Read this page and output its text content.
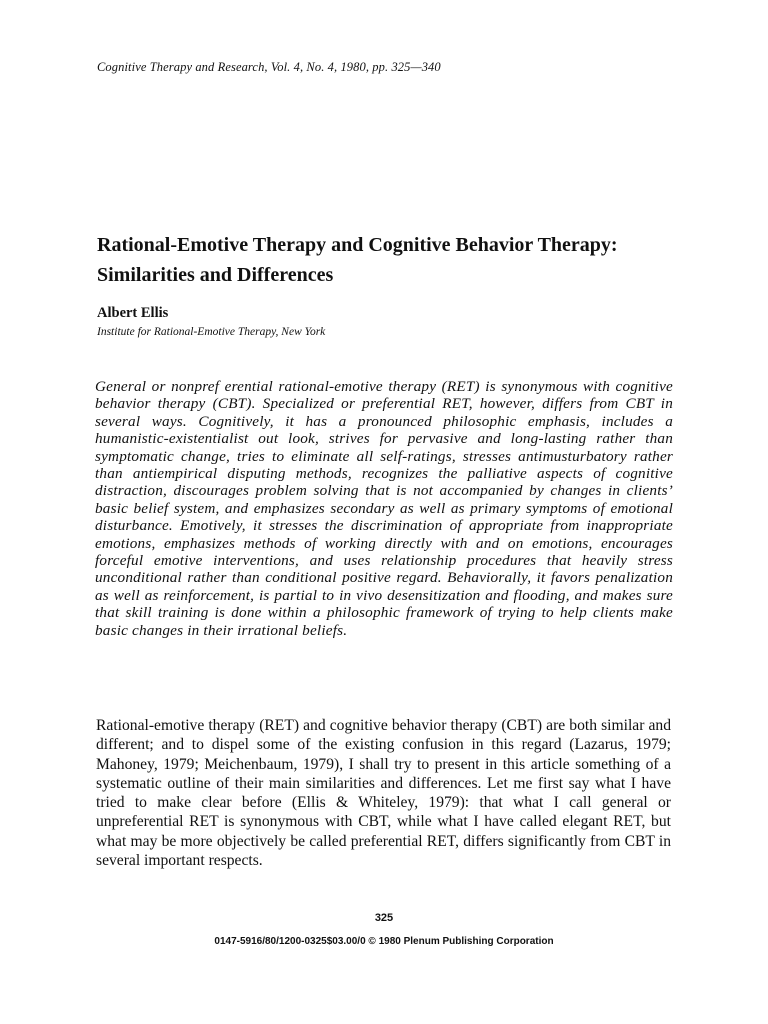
Cognitive Therapy and Research, Vol. 4, No. 4, 1980, pp. 325—340
Rational-Emotive Therapy and Cognitive Behavior Therapy: Similarities and Differences
Albert Ellis
Institute for Rational-Emotive Therapy, New York

General or nonpref erential rational-emotive therapy (RET) is synonymous with cognitive behavior therapy (CBT). Specialized or preferential RET, however, differs from CBT in several ways. Cognitively, it has a pronounced philosophic emphasis, includes a humanistic-existentialist out look, strives for pervasive and long-lasting rather than symptomatic change, tries to eliminate all self-ratings, stresses antimusturbatory rather than antiempirical disputing methods, recognizes the palliative aspects of cognitive distraction, discourages problem solving that is not accompanied by changes in clients’ basic belief system, and emphasizes secondary as well as primary symptoms of emotional disturbance. Emotively, it stresses the discrimination of appropriate from inappropriate emotions, emphasizes methods of working directly with and on emotions, encourages forceful emotive interventions, and uses relationship procedures that heavily stress unconditional rather than conditional positive regard. Behaviorally, it favors penalization as well as reinforcement, is partial to in vivo desensitization and flooding, and makes sure that skill training is done within a philosophic framework of trying to help clients make basic changes in their irrational beliefs.

Rational-emotive therapy (RET) and cognitive behavior therapy (CBT) are both similar and different; and to dispel some of the existing confusion in this regard (Lazarus, 1979; Mahoney, 1979; Meichenbaum, 1979), I shall try to present in this article something of a systematic outline of their main similarities and differences. Let me first say what I have tried to make clear before (Ellis & Whiteley, 1979): that what I call general or unpreferential RET is synonymous with CBT, while what I have called elegant RET, but what may be more objectively be called preferential RET, differs significantly from CBT in several important respects.

325
0147-5916/80/1200-0325$03.00/0 © 1980 Plenum Publishing Corporation
